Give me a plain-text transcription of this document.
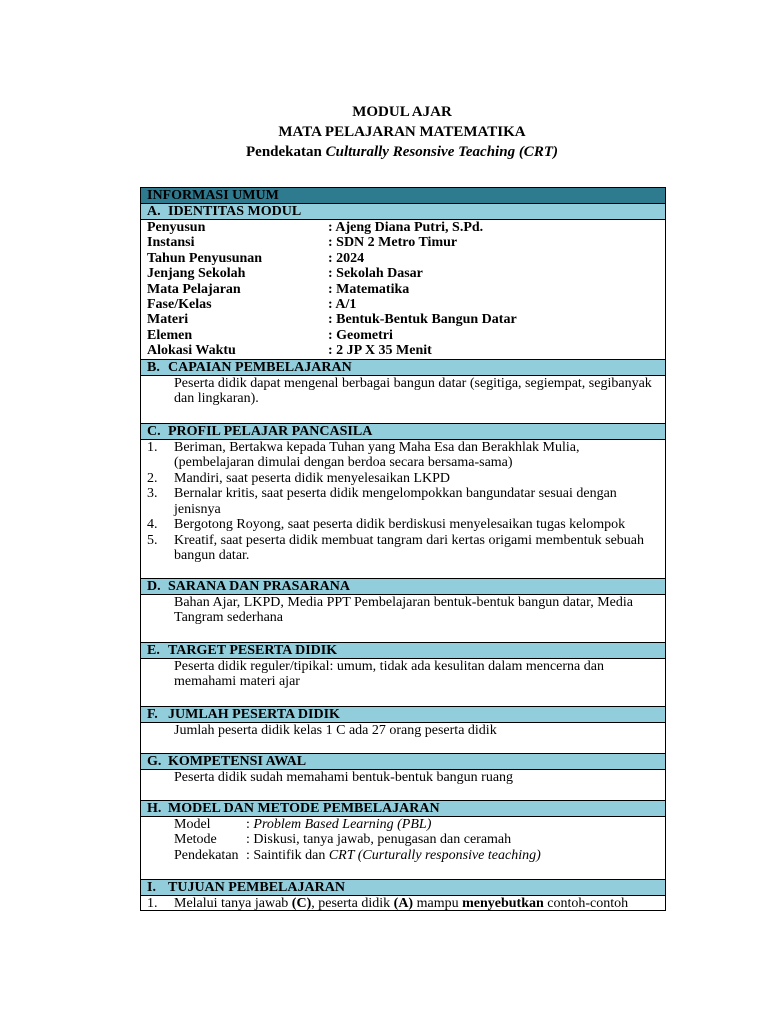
MODUL AJAR

MATA PELAJARAN MATEMATIKA

Pendekatan Culturally Resonsive Teaching (CRT)

INFORMASI UMUM
A. IDENTITAS MODUL
Penyusun	: Ajeng Diana Putri, S.Pd.
Instansi	: SDN 2 Metro Timur
Tahun Penyusunan	: 2024
Jenjang Sekolah	: Sekolah Dasar
Mata Pelajaran	: Matematika
Fase/Kelas	: A/1
Materi	: Bentuk-Bentuk Bangun Datar
Elemen	: Geometri
Alokasi Waktu	: 2 JP X 35 Menit
B. CAPAIAN PEMBELAJARAN
Peserta didik dapat mengenal berbagai bangun datar (segitiga, segiempat, segibanyak dan lingkaran).
C. PROFIL PELAJAR PANCASILA
1.	Beriman, Bertakwa kepada Tuhan yang Maha Esa dan Berakhlak Mulia, (pembelajaran dimulai dengan berdoa secara bersama-sama)
2.	Mandiri, saat peserta didik menyelesaikan LKPD
3.	Bernalar kritis, saat peserta didik mengelompokkan bangundatar sesuai dengan jenisnya
4.	Bergotong Royong, saat peserta didik berdiskusi menyelesaikan tugas kelompok
5.	Kreatif, saat peserta didik membuat tangram dari kertas origami membentuk sebuah bangun datar.
D. SARANA DAN PRASARANA
Bahan Ajar, LKPD, Media PPT Pembelajaran bentuk-bentuk bangun datar, Media Tangram sederhana
E. TARGET PESERTA DIDIK
Peserta didik reguler/tipikal: umum, tidak ada kesulitan dalam mencerna dan memahami materi ajar
F. JUMLAH PESERTA DIDIK
Jumlah peserta didik kelas 1 C ada 27 orang peserta didik
G. KOMPETENSI AWAL
Peserta didik sudah memahami bentuk-bentuk bangun ruang
H. MODEL DAN METODE PEMBELAJARAN
Model	: Problem Based Learning (PBL)
Metode	: Diskusi, tanya jawab, penugasan dan ceramah
Pendekatan : Saintifik dan CRT (Curturally responsive teaching)
I. TUJUAN PEMBELAJARAN
1.	Melalui tanya jawab (C), peserta didik (A) mampu menyebutkan contoh-contoh
